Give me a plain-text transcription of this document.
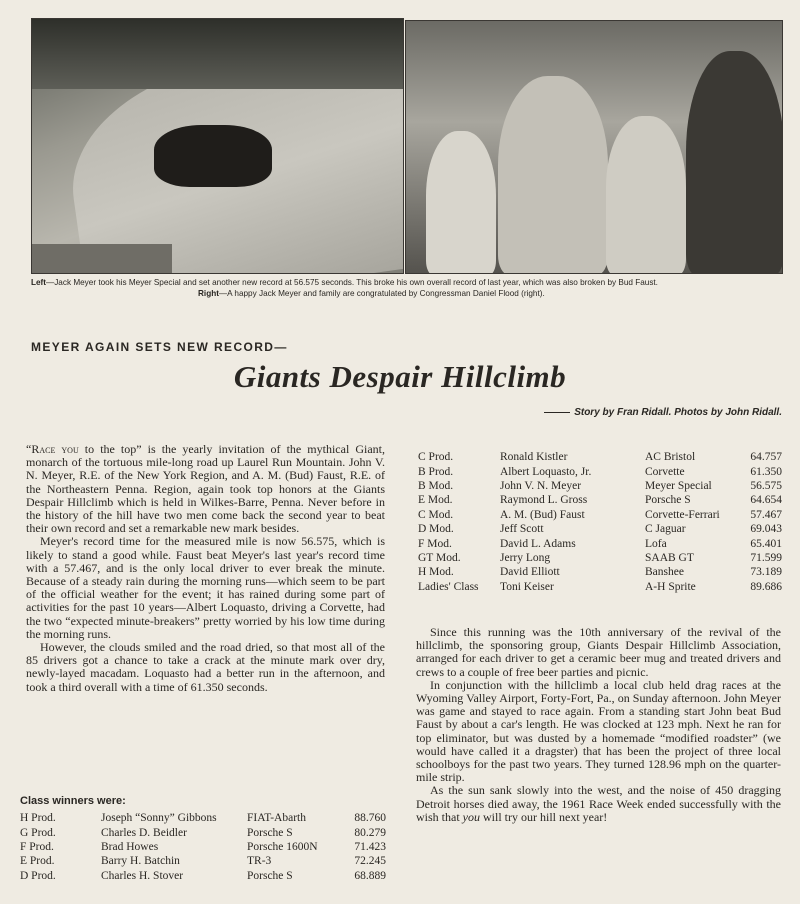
Left—Jack Meyer took his Meyer Special and set another new record at 56.575 seconds. This broke his own overall record of last year, which was also broken by Bud Faust.
Right—A happy Jack Meyer and family are congratulated by Congressman Daniel Flood (right).
MEYER AGAIN SETS NEW RECORD—
Giants Despair Hillclimb
Story by Fran Ridall. Photos by John Ridall.

“Race you to the top” is the yearly invitation of the mythical Giant, monarch of the tortuous mile-long road up Laurel Run Mountain. John V. N. Meyer, R.E. of the New York Region, and A. M. (Bud) Faust, R.E. of the Northeastern Penna. Region, again took top honors at the Giants Despair Hillclimb which is held in Wilkes-Barre, Penna. Never before in the history of the hill have two men come back the second year to beat their own record and set a remarkable new mark besides.

Meyer's record time for the measured mile is now 56.575, which is likely to stand a good while. Faust beat Meyer's last year's record time with a 57.467, and is the only local driver to ever break the minute. Because of a steady rain during the morning runs—which seem to be part of the official weather for the event; it has rained during some part of activities for the past 10 years—Albert Loquasto, driving a Corvette, had the two “expected minute-breakers” pretty worried by his low time during the morning runs.

However, the clouds smiled and the road dried, so that most all of the 85 drivers got a chance to take a crack at the minute mark over dry, newly-layed macadam. Loquasto had a better run in the afternoon, and took a third overall with a time of 61.350 seconds.

Class winners were:
H Prod.	Joseph “Sonny” Gibbons	FIAT-Abarth	88.760
G Prod.	Charles D. Beidler	Porsche S	80.279
F Prod.	Brad Howes	Porsche 1600N	71.423
E Prod.	Barry H. Batchin	TR-3	72.245
D Prod.	Charles H. Stover	Porsche S	68.889
C Prod.	Ronald Kistler	AC Bristol	64.757
B Prod.	Albert Loquasto, Jr.	Corvette	61.350
B Mod.	John V. N. Meyer	Meyer Special	56.575
E Mod.	Raymond L. Gross	Porsche S	64.654
C Mod.	A. M. (Bud) Faust	Corvette-Ferrari	57.467
D Mod.	Jeff Scott	C Jaguar	69.043
F Mod.	David L. Adams	Lofa	65.401
GT Mod.	Jerry Long	SAAB GT	71.599
H Mod.	David Elliott	Banshee	73.189
Ladies' Class	Toni Keiser	A-H Sprite	89.686

Since this running was the 10th anniversary of the revival of the hillclimb, the sponsoring group, Giants Despair Hillclimb Association, arranged for each driver to get a ceramic beer mug and treated drivers and crews to a couple of free beer parties and picnic.

In conjunction with the hillclimb a local club held drag races at the Wyoming Valley Airport, Forty-Fort, Pa., on Sunday afternoon. John Meyer was game and stayed to race again. From a standing start John beat Bud Faust by about a car's length. He was clocked at 123 mph. Next he ran for top eliminator, but was dusted by a homemade “modified roadster” (we would have called it a dragster) that has been the project of three local schoolboys for the past two years. They turned 128.96 mph on the quarter-mile strip.

As the sun sank slowly into the west, and the noise of 450 dragging Detroit horses died away, the 1961 Race Week ended successfully with the wish that you will try our hill next year!
